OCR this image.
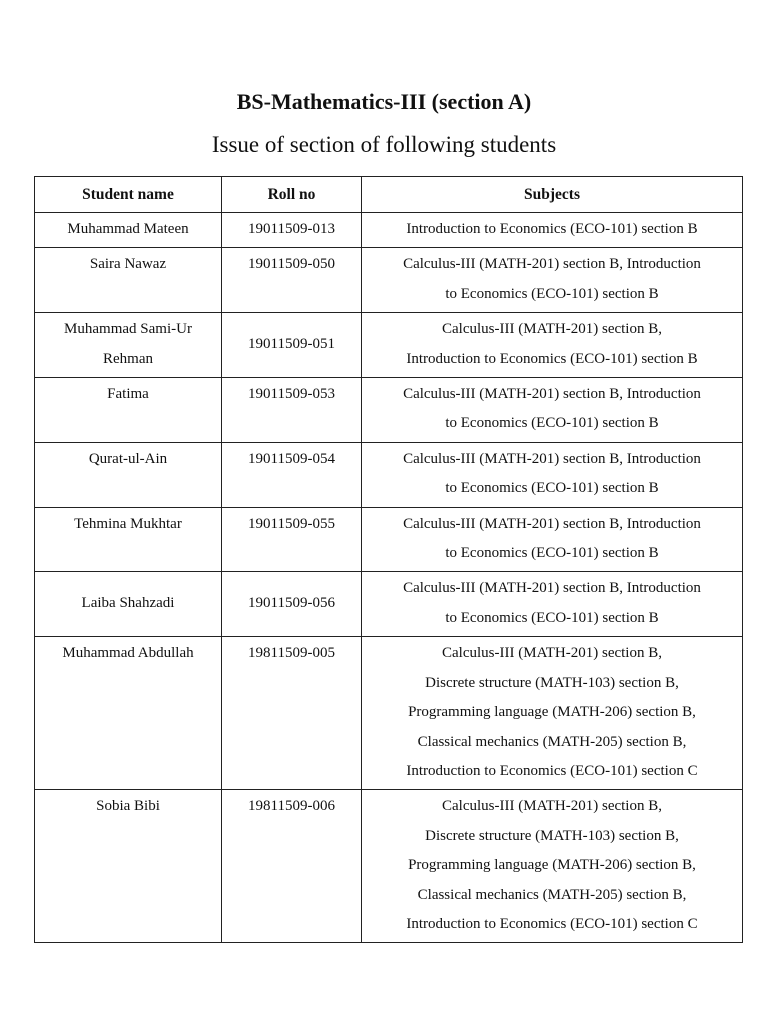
BS-Mathematics-III (section A)
Issue of section of following students
Student name	Roll no	Subjects
Muhammad Mateen	19011509-013	Introduction to Economics (ECO-101) section B

Saira Nawaz	19011509-050	Calculus-III (MATH-201) section B, Introduction
to Economics (ECO-101) section B

Muhammad Sami-Ur
Rehman	19011509-051	Calculus-III (MATH-201) section B,
Introduction to Economics (ECO-101) section B

Fatima	19011509-053	Calculus-III (MATH-201) section B, Introduction
to Economics (ECO-101) section B

Qurat-ul-Ain	19011509-054	Calculus-III (MATH-201) section B, Introduction
to Economics (ECO-101) section B

Tehmina Mukhtar	19011509-055	Calculus-III (MATH-201) section B, Introduction
to Economics (ECO-101) section B

Laiba Shahzadi	19011509-056	Calculus-III (MATH-201) section B, Introduction
to Economics (ECO-101) section B

Muhammad Abdullah	19811509-005	Calculus-III (MATH-201) section B,
Discrete structure (MATH-103) section B,
Programming language (MATH-206) section B,
Classical mechanics (MATH-205) section B,
Introduction to Economics (ECO-101) section C

Sobia Bibi	19811509-006	Calculus-III (MATH-201) section B,
Discrete structure (MATH-103) section B,
Programming language (MATH-206) section B,
Classical mechanics (MATH-205) section B,
Introduction to Economics (ECO-101) section C
